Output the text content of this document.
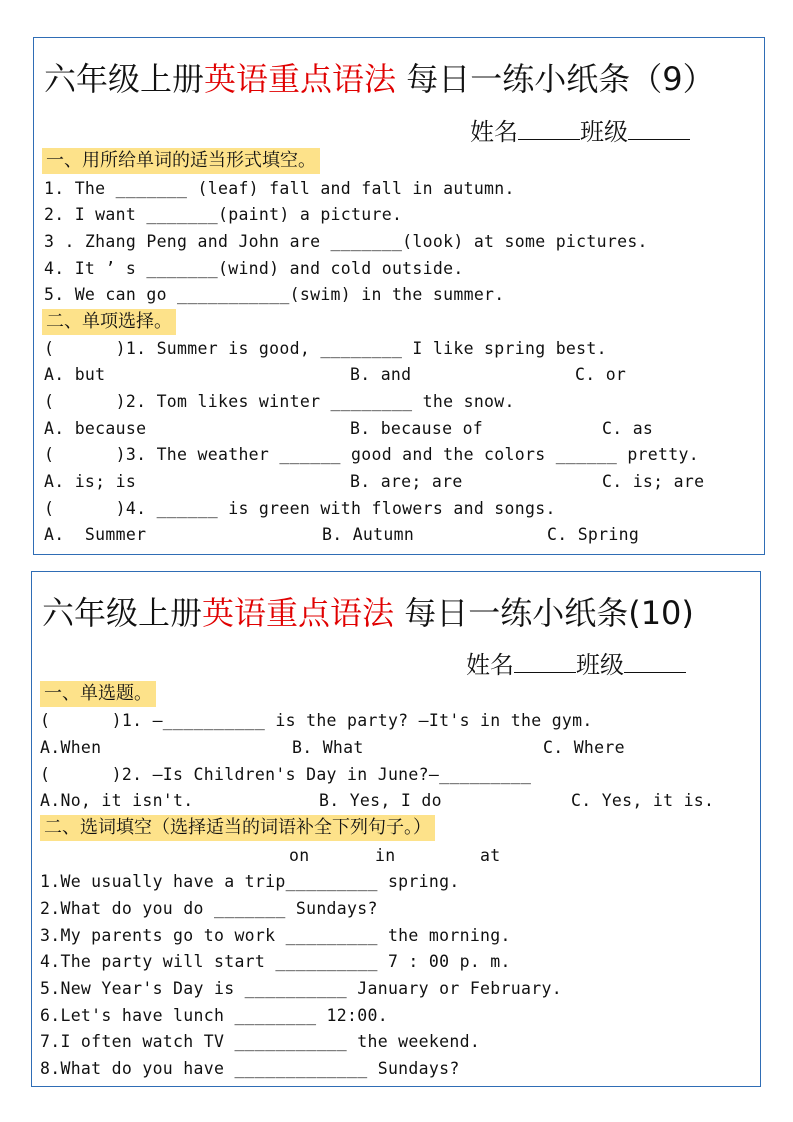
六年级上册英语重点语法 每日一练小纸条（9）
姓名	班级
一、用所给单词的适当形式填空。
1. The _______ (leaf) fall and fall in autumn.
2. I want _______(paint) a picture.
3 . Zhang Peng and John are _______(look) at some pictures.
4. It ’ s _______(wind) and cold outside.
5. We can go ___________(swim) in the summer.
二、单项选择。
(      )1. Summer is good, ________ I like spring best.
A. but	B. and	C. or
(      )2. Tom likes winter ________ the snow.
A. because	B. because of	C. as
(      )3. The weather ______ good and the colors ______ pretty.
A. is; is	B. are; are	C. is; are
(      )4. ______ is green with flowers and songs.
A.  Summer	B. Autumn	C. Spring
六年级上册英语重点语法 每日一练小纸条(10)
姓名	班级
一、单选题。
(      )1. —__________ is the party? —It's in the gym.
A.When	B. What	C. Where
(      )2. —Is Children's Day in June?—_________
A.No, it isn't.	B. Yes, I do	C. Yes, it is.
二、选词填空（选择适当的词语补全下列句子。）
on	in	at
1.We usually have a trip_________ spring.
2.What do you do _______ Sundays?
3.My parents go to work _________ the morning.
4.The party will start __________ 7 : 00 p. m.
5.New Year's Day is __________ January or February.
6.Let's have lunch ________ 12:00.
7.I often watch TV ___________ the weekend.
8.What do you have _____________ Sundays?
